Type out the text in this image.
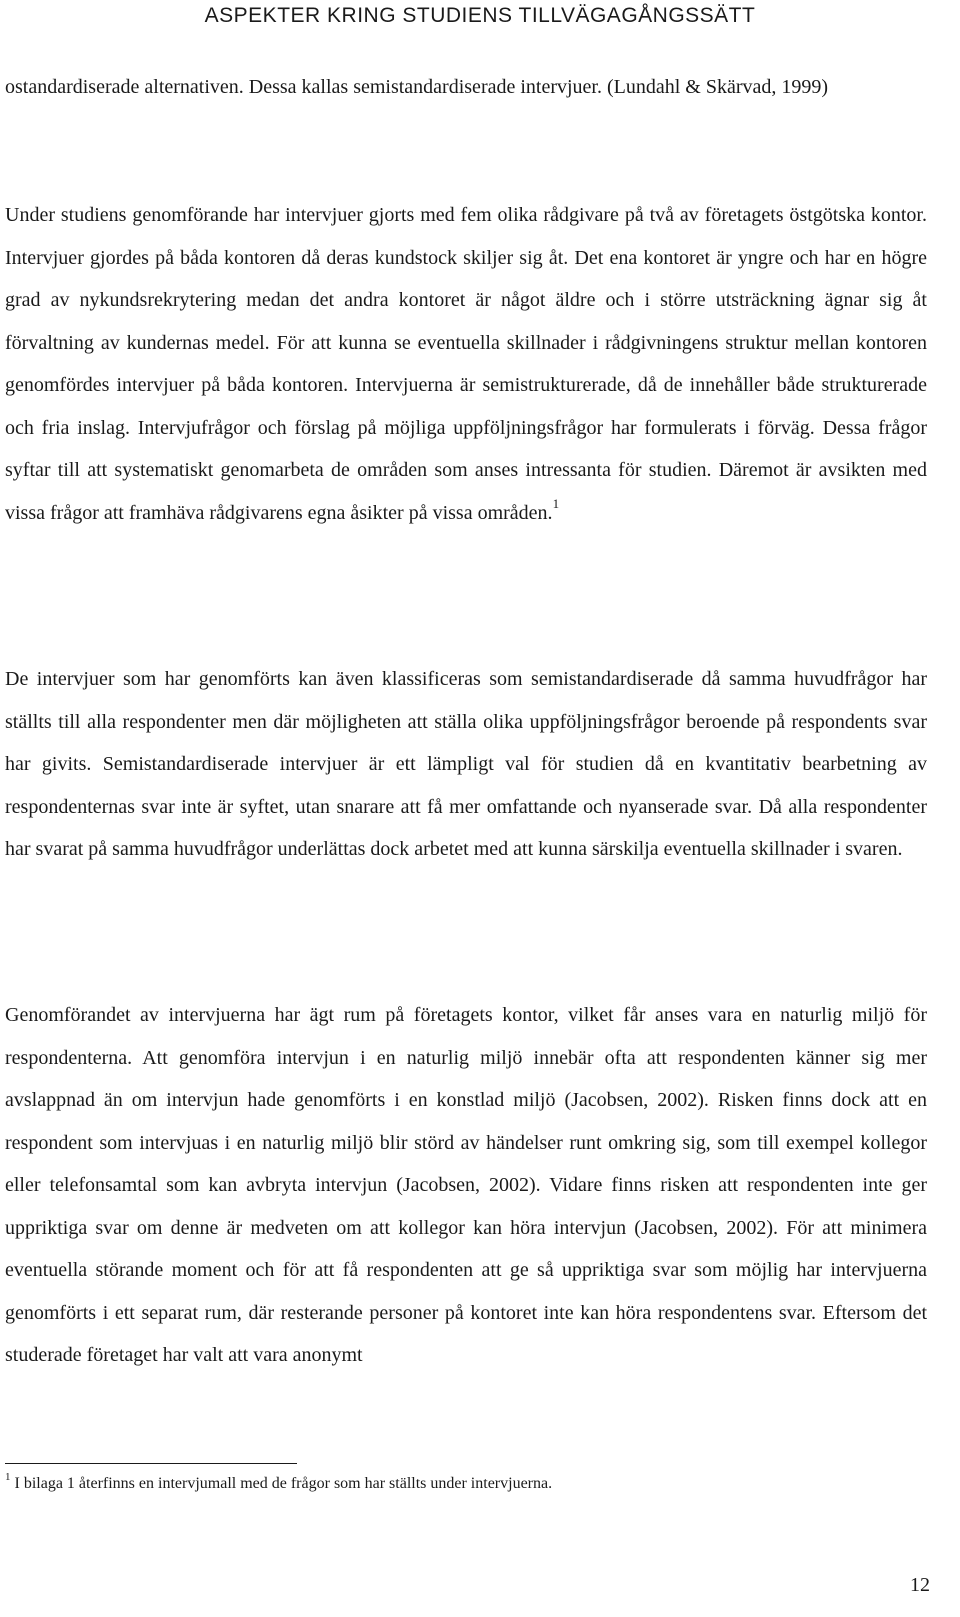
ASPEKTER KRING STUDIENS TILLVÄGAGÅNGSSÄTT

ostandardiserade alternativen. Dessa kallas semistandardiserade intervjuer. (Lundahl & Skärvad, 1999)

Under studiens genomförande har intervjuer gjorts med fem olika rådgivare på två av företagets östgötska kontor. Intervjuer gjordes på båda kontoren då deras kundstock skiljer sig åt. Det ena kontoret är yngre och har en högre grad av nykundsrekrytering medan det andra kontoret är något äldre och i större utsträckning ägnar sig åt förvaltning av kundernas medel. För att kunna se eventuella skillnader i rådgivningens struktur mellan kontoren genomfördes intervjuer på båda kontoren. Intervjuerna är semistrukturerade, då de innehåller både strukturerade och fria inslag. Intervjufrågor och förslag på möjliga uppföljningsfrågor har formulerats i förväg. Dessa frågor syftar till att systematiskt genomarbeta de områden som anses intressanta för studien. Däremot är avsikten med vissa frågor att framhäva rådgivarens egna åsikter på vissa områden.$^1$

De intervjuer som har genomförts kan även klassificeras som semistandardiserade då samma huvudfrågor har ställts till alla respondenter men där möjligheten att ställa olika uppföljningsfrågor beroende på respondents svar har givits. Semistandardiserade intervjuer är ett lämpligt val för studien då en kvantitativ bearbetning av respondenternas svar inte är syftet, utan snarare att få mer omfattande och nyanserade svar. Då alla respondenter har svarat på samma huvudfrågor underlättas dock arbetet med att kunna särskilja eventuella skillnader i svaren.

Genomförandet av intervjuerna har ägt rum på företagets kontor, vilket får anses vara en naturlig miljö för respondenterna. Att genomföra intervjun i en naturlig miljö innebär ofta att respondenten känner sig mer avslappnad än om intervjun hade genomförts i en konstlad miljö (Jacobsen, 2002). Risken finns dock att en respondent som intervjuas i en naturlig miljö blir störd av händelser runt omkring sig, som till exempel kollegor eller telefonsamtal som kan avbryta intervjun (Jacobsen, 2002). Vidare finns risken att respondenten inte ger uppriktiga svar om denne är medveten om att kollegor kan höra intervjun (Jacobsen, 2002). För att minimera eventuella störande moment och för att få respondenten att ge så uppriktiga svar som möjlig har intervjuerna genomförts i ett separat rum, där resterande personer på kontoret inte kan höra respondentens svar. Eftersom det studerade företaget har valt att vara anonymt

$^1$ I bilaga 1 återfinns en intervjumall med de frågor som har ställts under intervjuerna.
12
